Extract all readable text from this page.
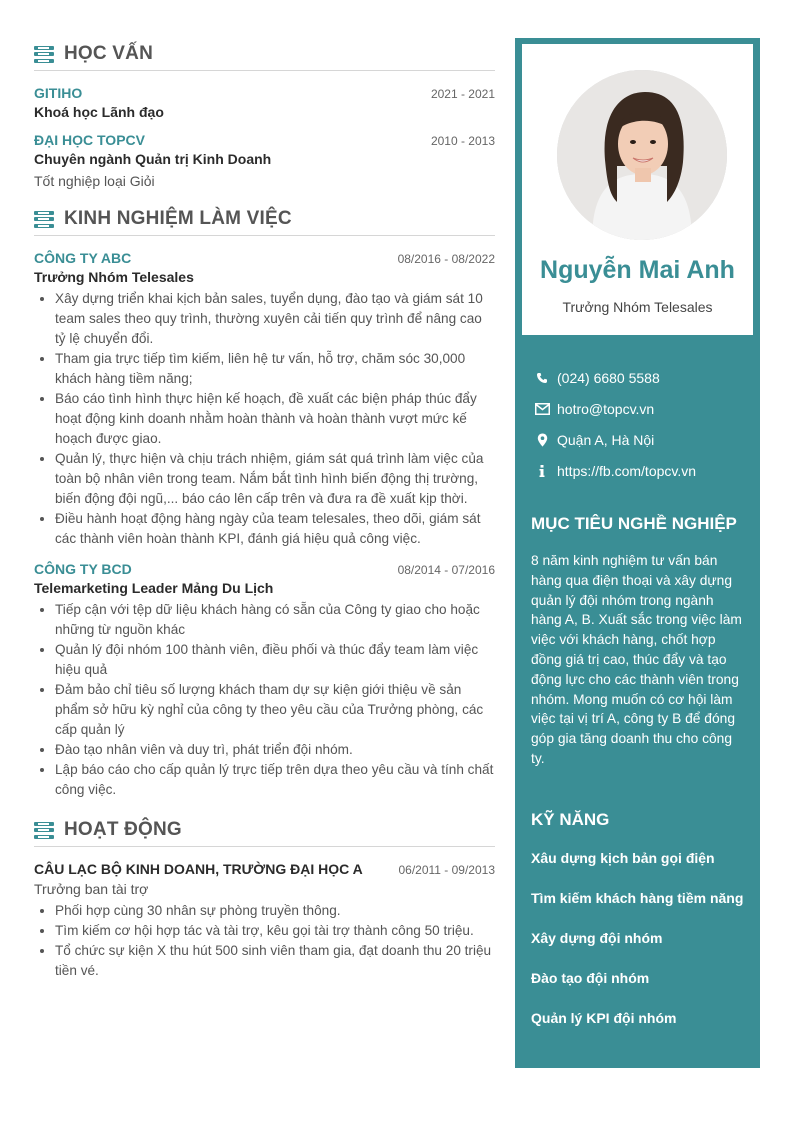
HỌC VẤN
GITIHO	2021 - 2021
Khoá học Lãnh đạo
ĐẠI HỌC TOPCV	2010 - 2013
Chuyên ngành Quản trị Kinh Doanh
Tốt nghiệp loại Giỏi
KINH NGHIỆM LÀM VIỆC
CÔNG TY ABC	08/2016 - 08/2022
Trưởng Nhóm Telesales
• Xây dựng triển khai kịch bản sales, tuyển dụng, đào tạo và giám sát 10 team sales theo quy trình, thường xuyên cải tiến quy trình để nâng cao tỷ lệ chuyển đổi.
• Tham gia trực tiếp tìm kiếm, liên hệ tư vấn, hỗ trợ, chăm sóc 30,000 khách hàng tiềm năng;
• Báo cáo tình hình thực hiện kế hoạch, đề xuất các biện pháp thúc đẩy hoạt động kinh doanh nhằm hoàn thành và hoàn thành vượt mức kế hoạch được giao.
• Quản lý, thực hiện và chịu trách nhiệm, giám sát quá trình làm việc của toàn bộ nhân viên trong team. Nắm bắt tình hình biến động thị trường, biến động đội ngũ,... báo cáo lên cấp trên và đưa ra đề xuất kịp thời.
• Điều hành hoạt động hàng ngày của team telesales, theo dõi, giám sát các thành viên hoàn thành KPI, đánh giá hiệu quả công việc.
CÔNG TY BCD	08/2014 - 07/2016
Telemarketing Leader Mảng Du Lịch
• Tiếp cận với tệp dữ liệu khách hàng có sẵn của Công ty giao cho hoặc những từ nguồn khác
• Quản lý đội nhóm 100 thành viên, điều phối và thúc đẩy team làm việc hiệu quả
• Đảm bảo chỉ tiêu số lượng khách tham dự sự kiện giới thiệu về sản phẩm sở hữu kỳ nghỉ của công ty theo yêu cầu của Trưởng phòng, các cấp quản lý
• Đào tạo nhân viên và duy trì, phát triển đội nhóm.
• Lập báo cáo cho cấp quản lý trực tiếp trên dựa theo yêu cầu và tính chất công việc.
HOẠT ĐỘNG
CÂU LẠC BỘ KINH DOANH, TRƯỜNG ĐẠI HỌC A	06/2011 - 09/2013
Trưởng ban tài trợ
• Phối hợp cùng 30 nhân sự phòng truyền thông.
• Tìm kiếm cơ hội hợp tác và tài trợ, kêu gọi tài trợ thành công 50 triệu.
• Tổ chức sự kiện X thu hút 500 sinh viên tham gia, đạt doanh thu 20 triệu tiền vé.
Nguyễn Mai Anh
Trưởng Nhóm Telesales
(024) 6680 5588
hotro@topcv.vn
Quận A, Hà Nội
https://fb.com/topcv.vn
MỤC TIÊU NGHỀ NGHIỆP
8 năm kinh nghiệm tư vấn bán hàng qua điện thoại và xây dựng quản lý đội nhóm trong ngành hàng A, B. Xuất sắc trong việc làm việc với khách hàng, chốt hợp đồng giá trị cao, thúc đẩy và tạo động lực cho các thành viên trong nhóm. Mong muốn có cơ hội làm việc tại vị trí A, công ty B để đóng góp gia tăng doanh thu cho công ty.
KỸ NĂNG
Xâu dựng kịch bản gọi điện
Tìm kiếm khách hàng tiềm năng
Xây dựng đội nhóm
Đào tạo đội nhóm
Quản lý KPI đội nhóm
